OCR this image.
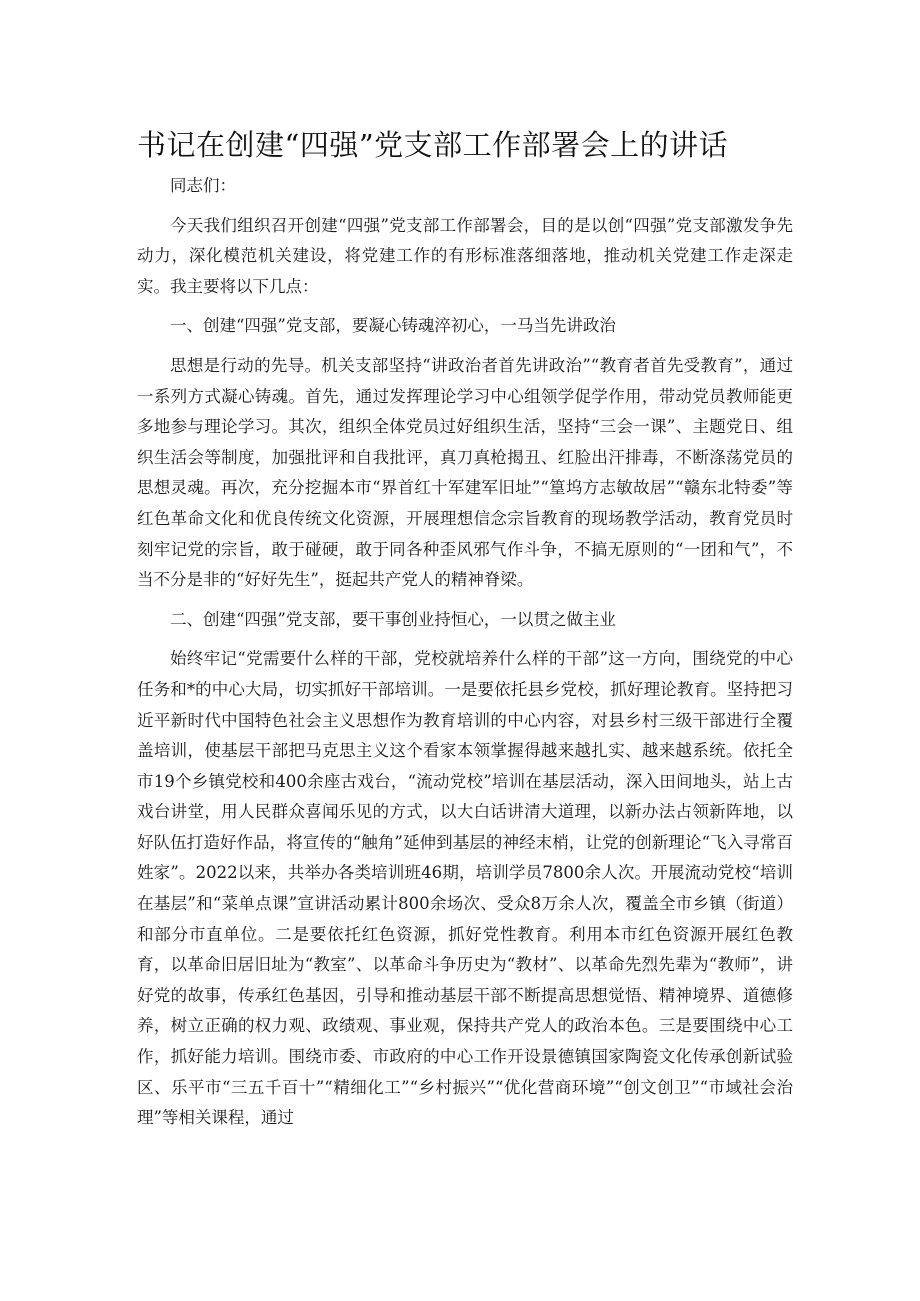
书记在创建“四强”党支部工作部署会上的讲话

同志们：

今天我们组织召开创建“四强”党支部工作部署会，目的是以创“四强”党支部激发争先动力，深化模范机关建设，将党建工作的有形标准落细落地，推动机关党建工作走深走实。我主要将以下几点：

一、创建“四强”党支部，要凝心铸魂淬初心，一马当先讲政治

思想是行动的先导。机关支部坚持“讲政治者首先讲政治”“教育者首先受教育”，通过一系列方式凝心铸魂。首先，通过发挥理论学习中心组领学促学作用，带动党员教师能更多地参与理论学习。其次，组织全体党员过好组织生活，坚持“三会一课”、主题党日、组织生活会等制度，加强批评和自我批评，真刀真枪揭丑、红脸出汗排毒，不断涤荡党员的思想灵魂。再次，充分挖掘本市“界首红十军建军旧址”“篁坞方志敏故居”“赣东北特委”等红色革命文化和优良传统文化资源，开展理想信念宗旨教育的现场教学活动，教育党员时刻牢记党的宗旨，敢于碰硬，敢于同各种歪风邪气作斗争，不搞无原则的“一团和气”，不当不分是非的“好好先生”，挺起共产党人的精神脊梁。

二、创建“四强”党支部，要干事创业持恒心，一以贯之做主业

始终牢记“党需要什么样的干部，党校就培养什么样的干部”这一方向，围绕党的中心任务和*的中心大局，切实抓好干部培训。一是要依托县乡党校，抓好理论教育。坚持把习近平新时代中国特色社会主义思想作为教育培训的中心内容，对县乡村三级干部进行全覆盖培训，使基层干部把马克思主义这个看家本领掌握得越来越扎实、越来越系统。依托全市19个乡镇党校和400余座古戏台，“流动党校”培训在基层活动，深入田间地头，站上古戏台讲堂，用人民群众喜闻乐见的方式，以大白话讲清大道理，以新办法占领新阵地，以好队伍打造好作品，将宣传的“触角”延伸到基层的神经末梢，让党的创新理论“飞入寻常百姓家”。2022以来，共举办各类培训班46期，培训学员7800余人次。开展流动党校“培训在基层”和“菜单点课”宣讲活动累计800余场次、受众8万余人次，覆盖全市乡镇（街道）和部分市直单位。二是要依托红色资源，抓好党性教育。利用本市红色资源开展红色教育，以革命旧居旧址为“教室”、以革命斗争历史为“教材”、以革命先烈先辈为“教师”，讲好党的故事，传承红色基因，引导和推动基层干部不断提高思想觉悟、精神境界、道德修养，树立正确的权力观、政绩观、事业观，保持共产党人的政治本色。三是要围绕中心工作，抓好能力培训。围绕市委、市政府的中心工作开设景德镇国家陶瓷文化传承创新试验区、乐平市“三五千百十”“精细化工”“乡村振兴”“优化营商环境”“创文创卫”“市域社会治理”等相关课程，通过
